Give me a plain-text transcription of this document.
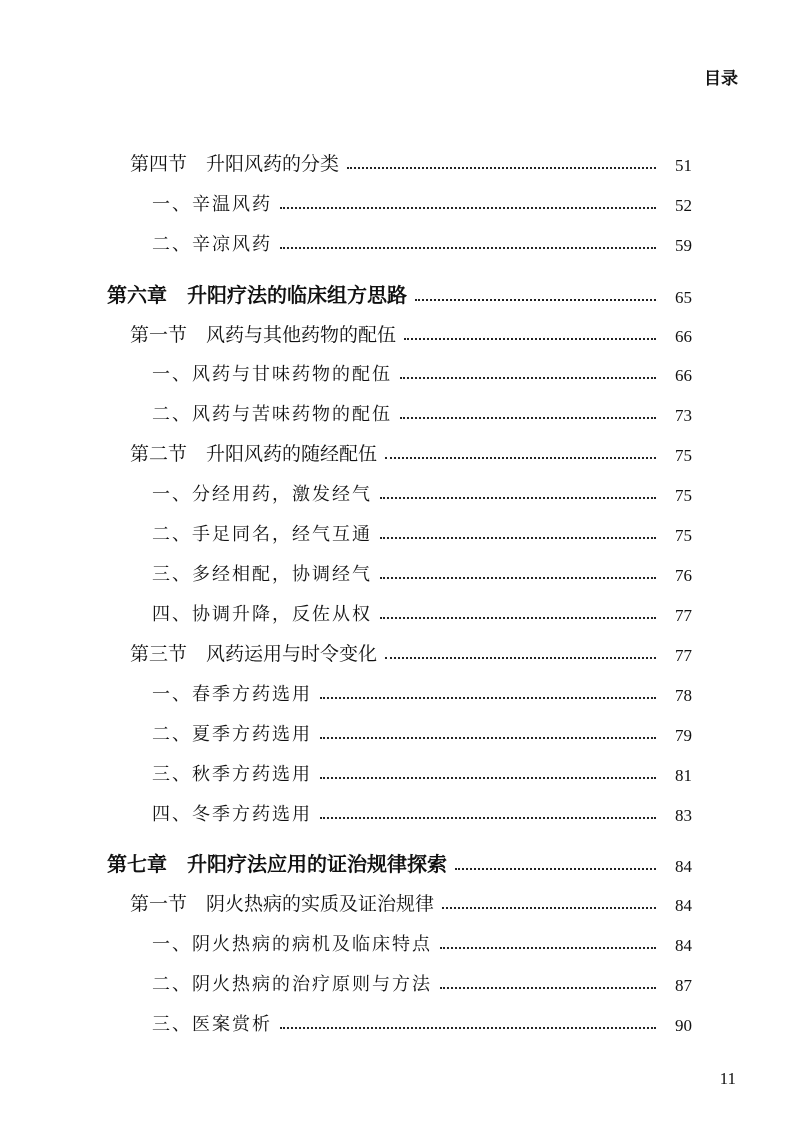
目录
第四节　升阳风药的分类	51
一、辛温风药	52
二、辛凉风药	59
第六章　升阳疗法的临床组方思路	65
第一节　风药与其他药物的配伍	66
一、风药与甘味药物的配伍	66
二、风药与苦味药物的配伍	73
第二节　升阳风药的随经配伍	75
一、分经用药，激发经气	75
二、手足同名，经气互通	75
三、多经相配，协调经气	76
四、协调升降，反佐从权	77
第三节　风药运用与时令变化	77
一、春季方药选用	78
二、夏季方药选用	79
三、秋季方药选用	81
四、冬季方药选用	83
第七章　升阳疗法应用的证治规律探索	84
第一节　阴火热病的实质及证治规律	84
一、阴火热病的病机及临床特点	84
二、阴火热病的治疗原则与方法	87
三、医案赏析	90
11
